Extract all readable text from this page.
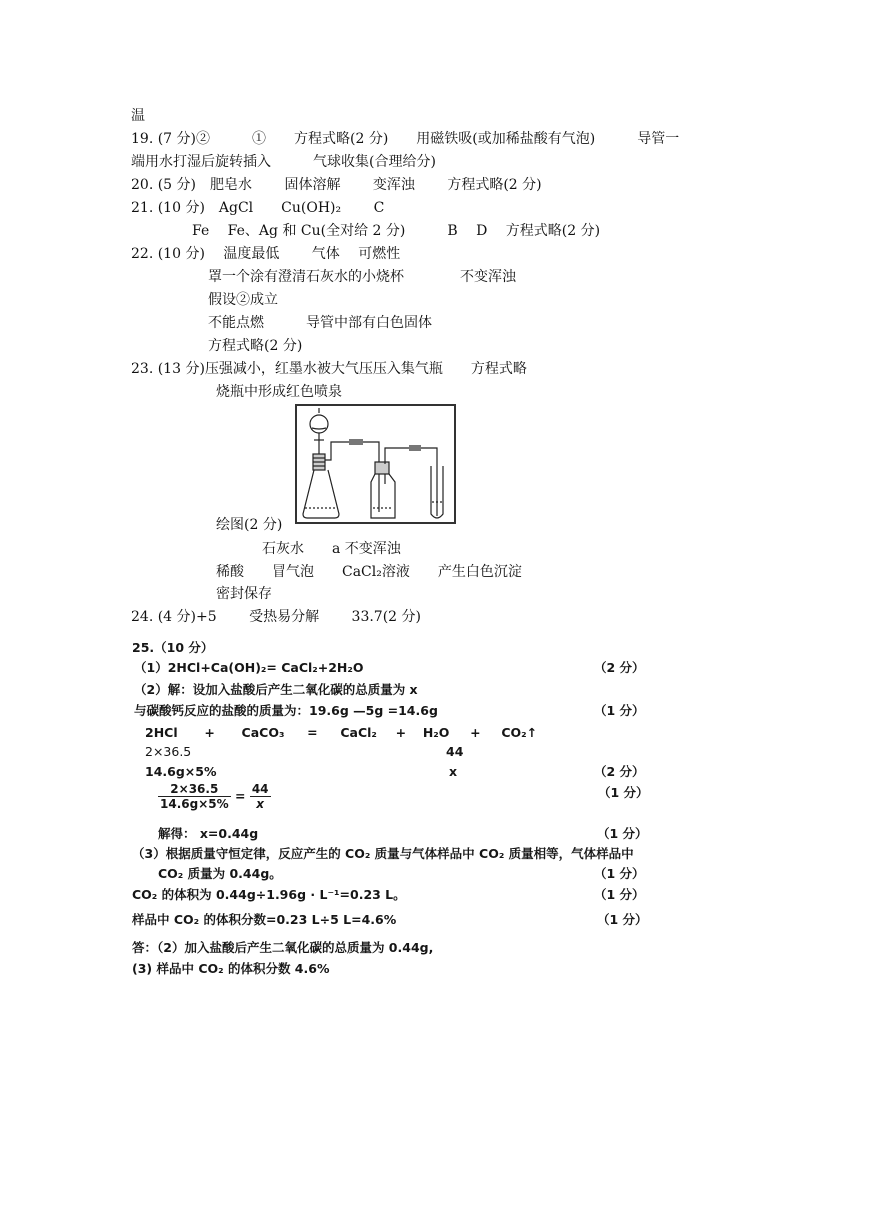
温
19. (7 分)②　　　①　　方程式略(2 分)　　用磁铁吸(或加稀盐酸有气泡)　　　导管一
端用水打湿后旋转插入　　　气球收集(合理给分)
20. (5 分)　肥皂水　　 固体溶解　　 变浑浊　　 方程式略(2 分)
21. (10 分)　AgCl　　Cu(OH)₂　　 C
Fe　 Fe、Ag 和 Cu(全对给 2 分)　　　B　 D　 方程式略(2 分)
22. (10 分)　 温度最低　　 气体　 可燃性
罩一个涂有澄清石灰水的小烧杯　　　　不变浑浊
假设②成立
不能点燃　　　导管中部有白色固体
方程式略(2 分)
23. (13 分)压强减小，红墨水被大气压压入集气瓶　　方程式略
烧瓶中形成红色喷泉
绘图(2 分)
石灰水　　a 不变浑浊
稀酸　　冒气泡　　CaCl₂溶液　　产生白色沉淀
密封保存
24. (4 分)+5　　 受热易分解　　 33.7(2 分)
25.（10 分）
（1）2HCl+Ca(OH)₂= CaCl₂+2H₂O	（2 分）
（2）解：设加入盐酸后产生二氧化碳的总质量为 x
与碳酸钙反应的盐酸的质量为：19.6g —5g =14.6g	（1 分）
2HCl + CaCO₃ = CaCl₂ + H₂O + CO₂↑
2×36.5	44
14.6g×5%	x	（2 分）
$\frac{2\times 36.5}{14.6g\times 5\%} = \frac{44}{x}$	（1 分）
解得： x=0.44g	（1 分）
（3）根据质量守恒定律，反应产生的 CO₂ 质量与气体样品中 CO₂ 质量相等，气体样品中
CO₂ 质量为 0.44g。	（1 分）
CO₂ 的体积为 0.44g÷1.96g · L⁻¹=0.23 L。	（1 分）
样品中 CO₂ 的体积分数=0.23 L÷5 L=4.6%	（1 分）
答：（2）加入盐酸后产生二氧化碳的总质量为 0.44g,
(3) 样品中 CO₂ 的体积分数 4.6%
